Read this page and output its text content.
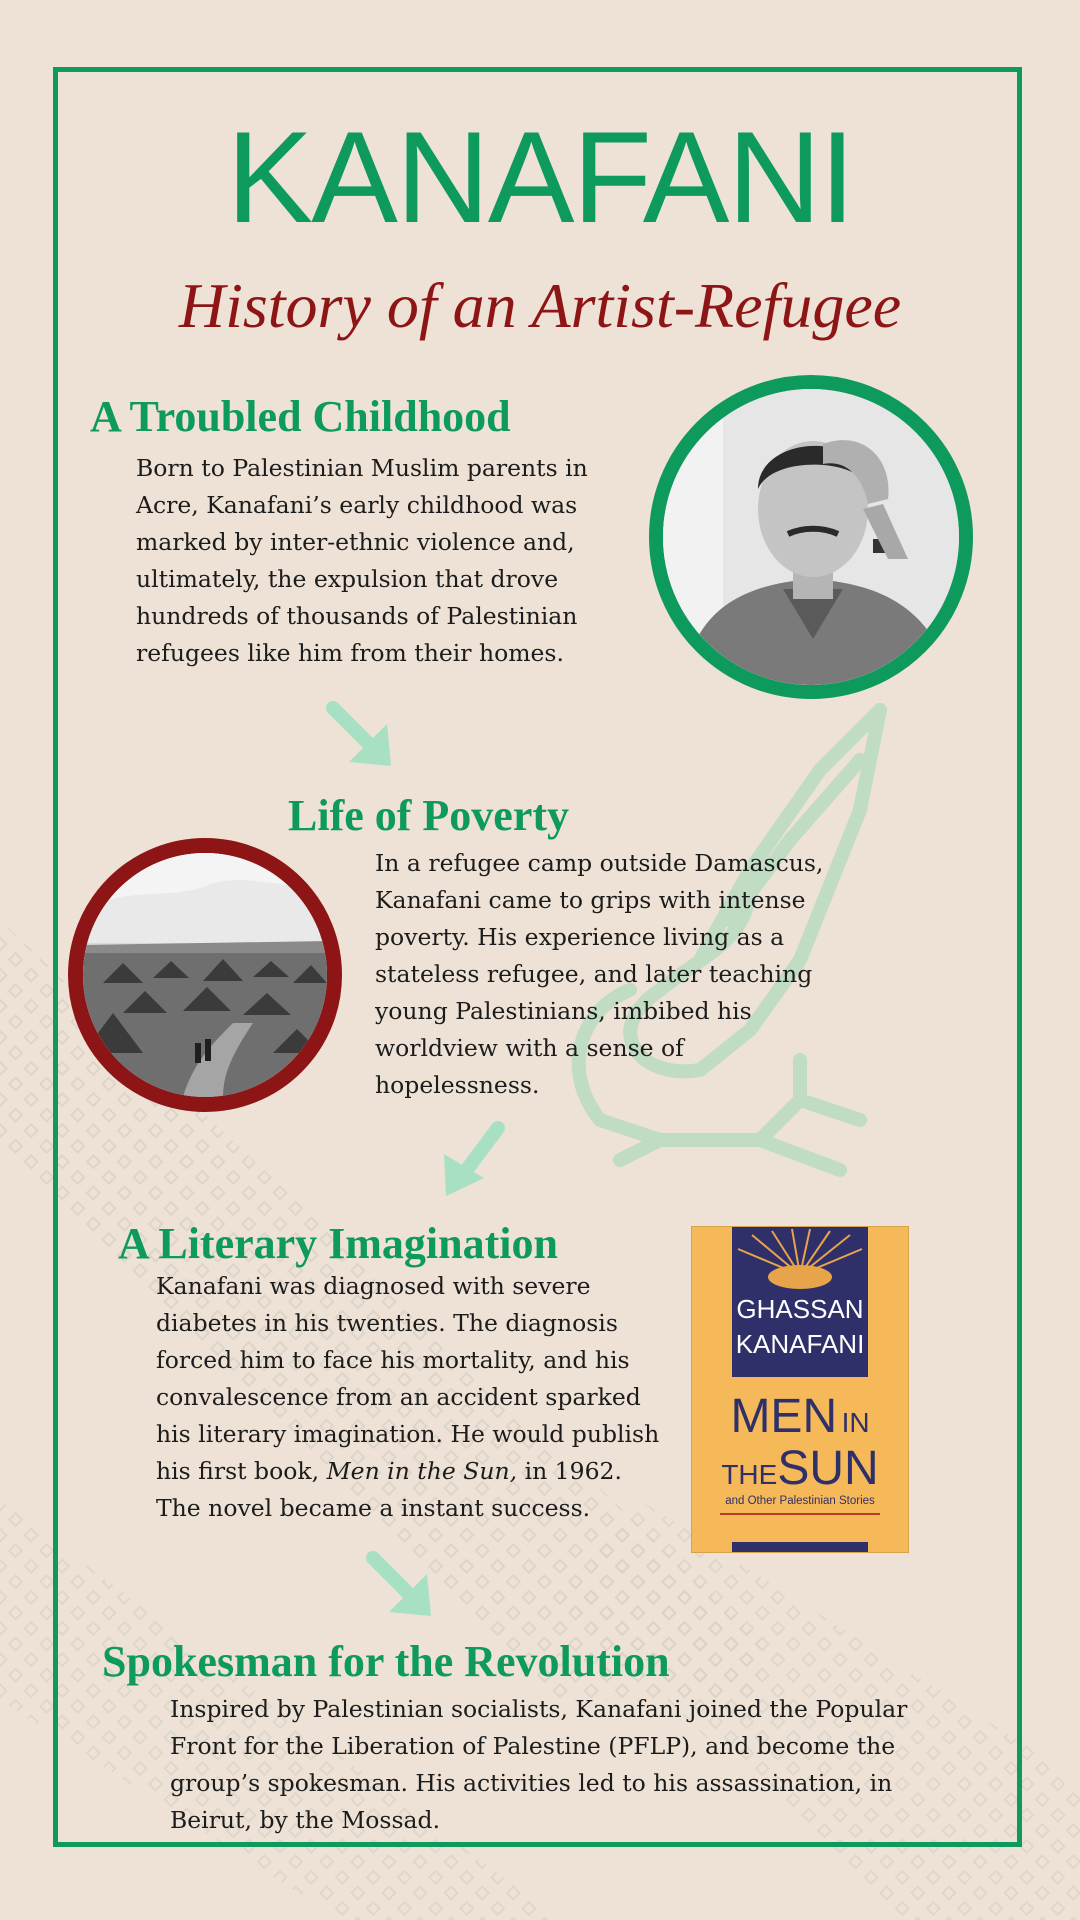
KANAFANI
History of an Artist-Refugee
A Troubled Childhood
Born to Palestinian Muslim parents in
Acre, Kanafani’s early childhood was
marked by inter-ethnic violence and,
ultimately, the expulsion that drove
hundreds of thousands of Palestinian
refugees like him from their homes.
Life of Poverty
In a refugee camp outside Damascus,
Kanafani came to grips with intense
poverty. His experience living as a
stateless refugee, and later teaching
young Palestinians, imbibed his
worldview with a sense of
hopelessness.
A Literary Imagination
Kanafani was diagnosed with severe
diabetes in his twenties. The diagnosis
forced him to face his mortality, and his
convalescence from an accident sparked
his literary imagination. He would publish
his first book, Men in the Sun, in 1962.
The novel became a instant success.
GHASSAN
KANAFANI
MEN IN
THESUN
and Other Palestinian Stories
Spokesman for the Revolution
Inspired by Palestinian socialists, Kanafani joined the Popular
Front for the Liberation of Palestine (PFLP), and become the
group’s spokesman. His activities led to his assassination, in
Beirut, by the Mossad.
